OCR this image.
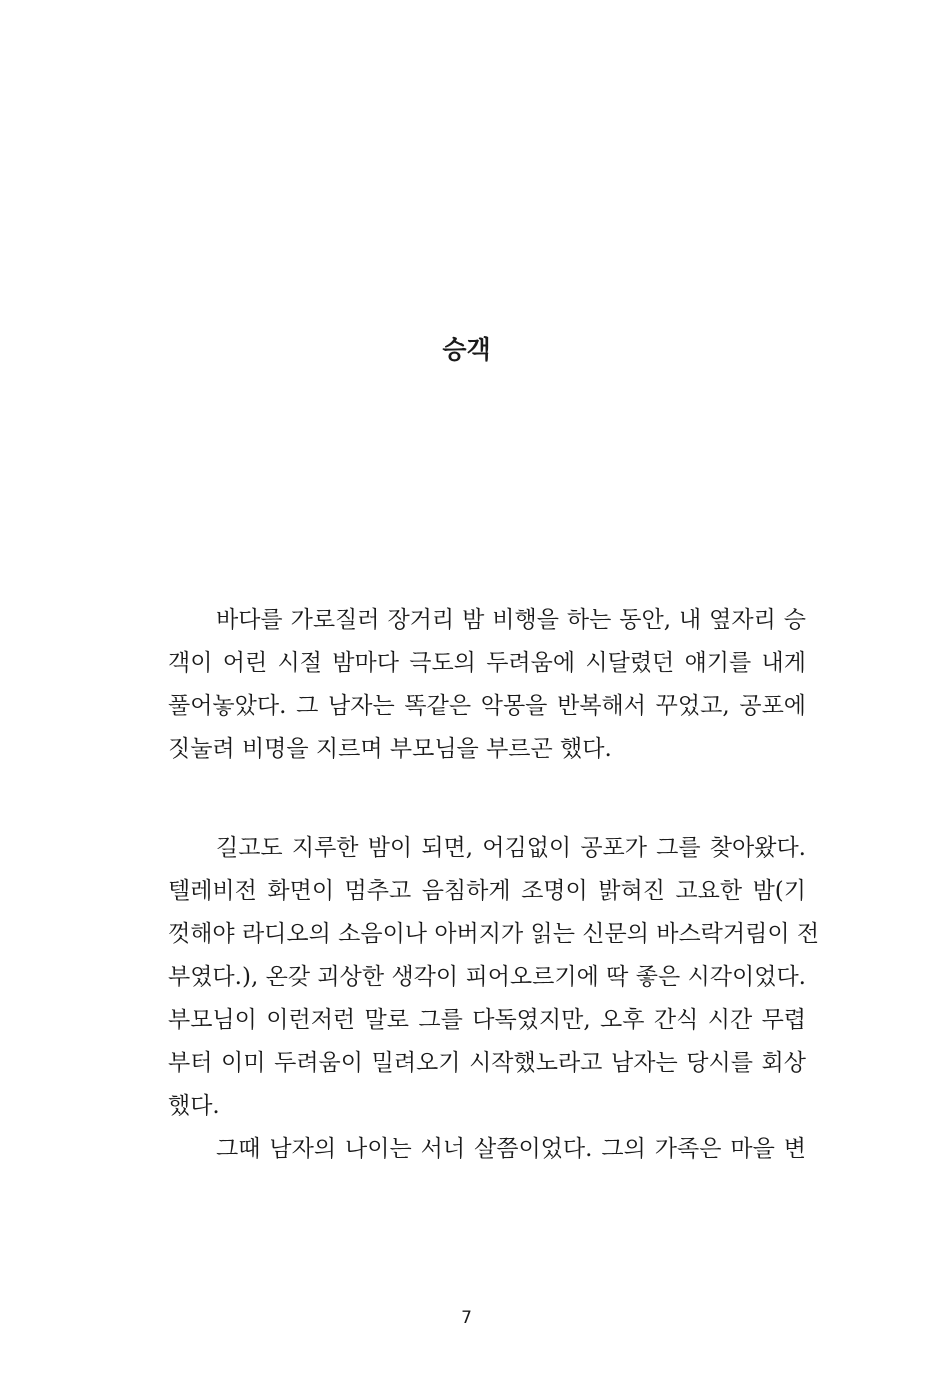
승객
바다를 가로질러 장거리 밤 비행을 하는 동안, 내 옆자리 승
객이 어린 시절 밤마다 극도의 두려움에 시달렸던 얘기를 내게
풀어놓았다. 그 남자는 똑같은 악몽을 반복해서 꾸었고, 공포에
짓눌려 비명을 지르며 부모님을 부르곤 했다.
길고도 지루한 밤이 되면, 어김없이 공포가 그를 찾아왔다.
텔레비전 화면이 멈추고 음침하게 조명이 밝혀진 고요한 밤(기
껏해야 라디오의 소음이나 아버지가 읽는 신문의 바스락거림이 전
부였다.), 온갖 괴상한 생각이 피어오르기에 딱 좋은 시각이었다.
부모님이 이런저런 말로 그를 다독였지만, 오후 간식 시간 무렵
부터 이미 두려움이 밀려오기 시작했노라고 남자는 당시를 회상
했다.
그때 남자의 나이는 서너 살쯤이었다. 그의 가족은 마을 변
7
